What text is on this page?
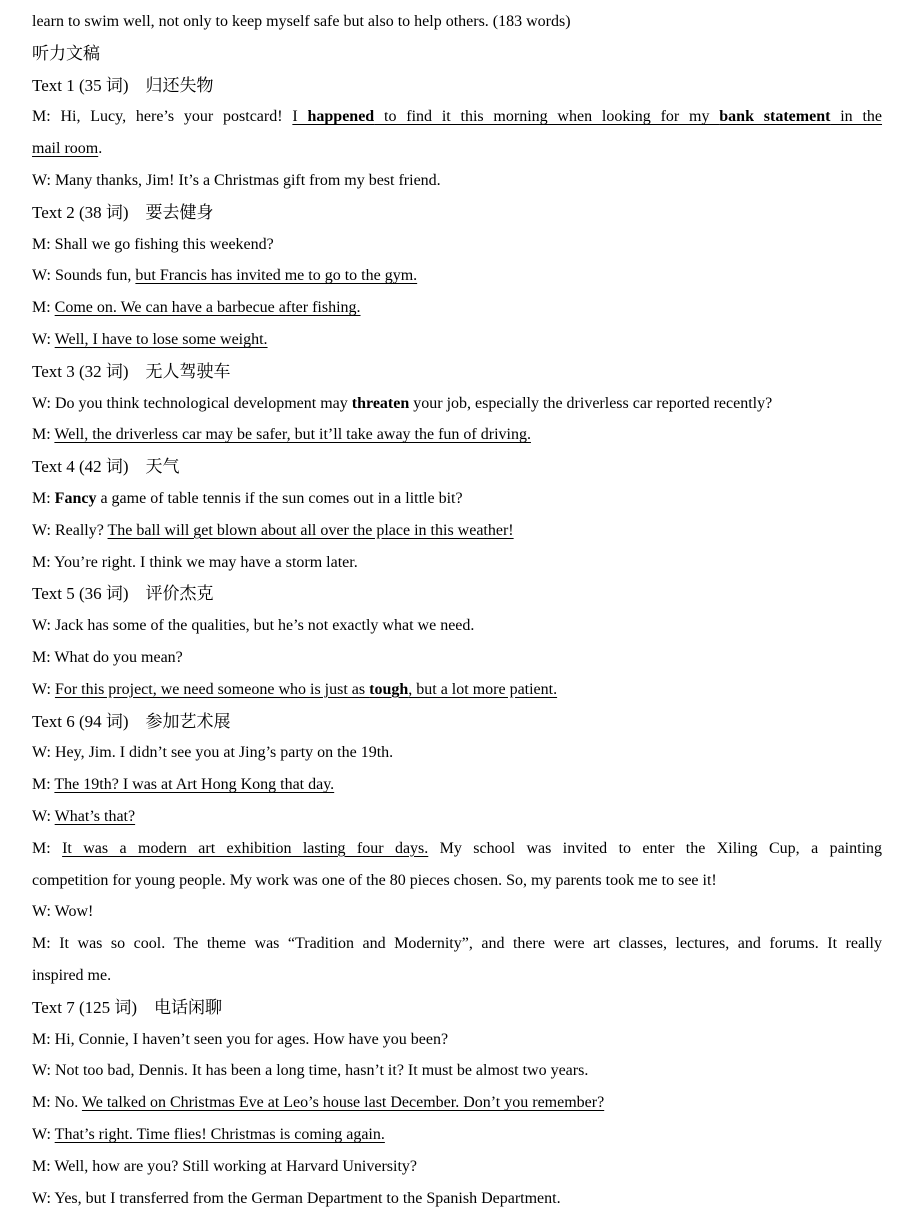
learn to swim well, not only to keep myself safe but also to help others. (183 words)
听力文稿
Text 1 (35 词)　归还失物
M: Hi, Lucy, here’s your postcard! I happened to find it this morning when looking for my bank statement in the
mail room.
W: Many thanks, Jim! It’s a Christmas gift from my best friend.
Text 2 (38 词)　要去健身
M: Shall we go fishing this weekend?
W: Sounds fun, but Francis has invited me to go to the gym.
M: Come on. We can have a barbecue after fishing.
W: Well, I have to lose some weight.
Text 3 (32 词)　无人驾驶车
W: Do you think technological development may threaten your job, especially the driverless car reported recently?
M: Well, the driverless car may be safer, but it’ll take away the fun of driving.
Text 4 (42 词)　天气
M: Fancy a game of table tennis if the sun comes out in a little bit?
W: Really? The ball will get blown about all over the place in this weather!
M: You’re right. I think we may have a storm later.
Text 5 (36 词)　评价杰克
W: Jack has some of the qualities, but he’s not exactly what we need.
M: What do you mean?
W: For this project, we need someone who is just as tough, but a lot more patient.
Text 6 (94 词)　参加艺术展
W: Hey, Jim. I didn’t see you at Jing’s party on the 19th.
M: The 19th? I was at Art Hong Kong that day.
W: What’s that?
M: It was a modern art exhibition lasting four days. My school was invited to enter the Xiling Cup, a painting
competition for young people. My work was one of the 80 pieces chosen. So, my parents took me to see it!
W: Wow!
M: It was so cool. The theme was “Tradition and Modernity”, and there were art classes, lectures, and forums. It really
inspired me.
Text 7 (125 词)　电话闲聊
M: Hi, Connie, I haven’t seen you for ages. How have you been?
W: Not too bad, Dennis. It has been a long time, hasn’t it? It must be almost two years.
M: No. We talked on Christmas Eve at Leo’s house last December. Don’t you remember?
W: That’s right. Time flies! Christmas is coming again.
M: Well, how are you? Still working at Harvard University?
W: Yes, but I transferred from the German Department to the Spanish Department.
